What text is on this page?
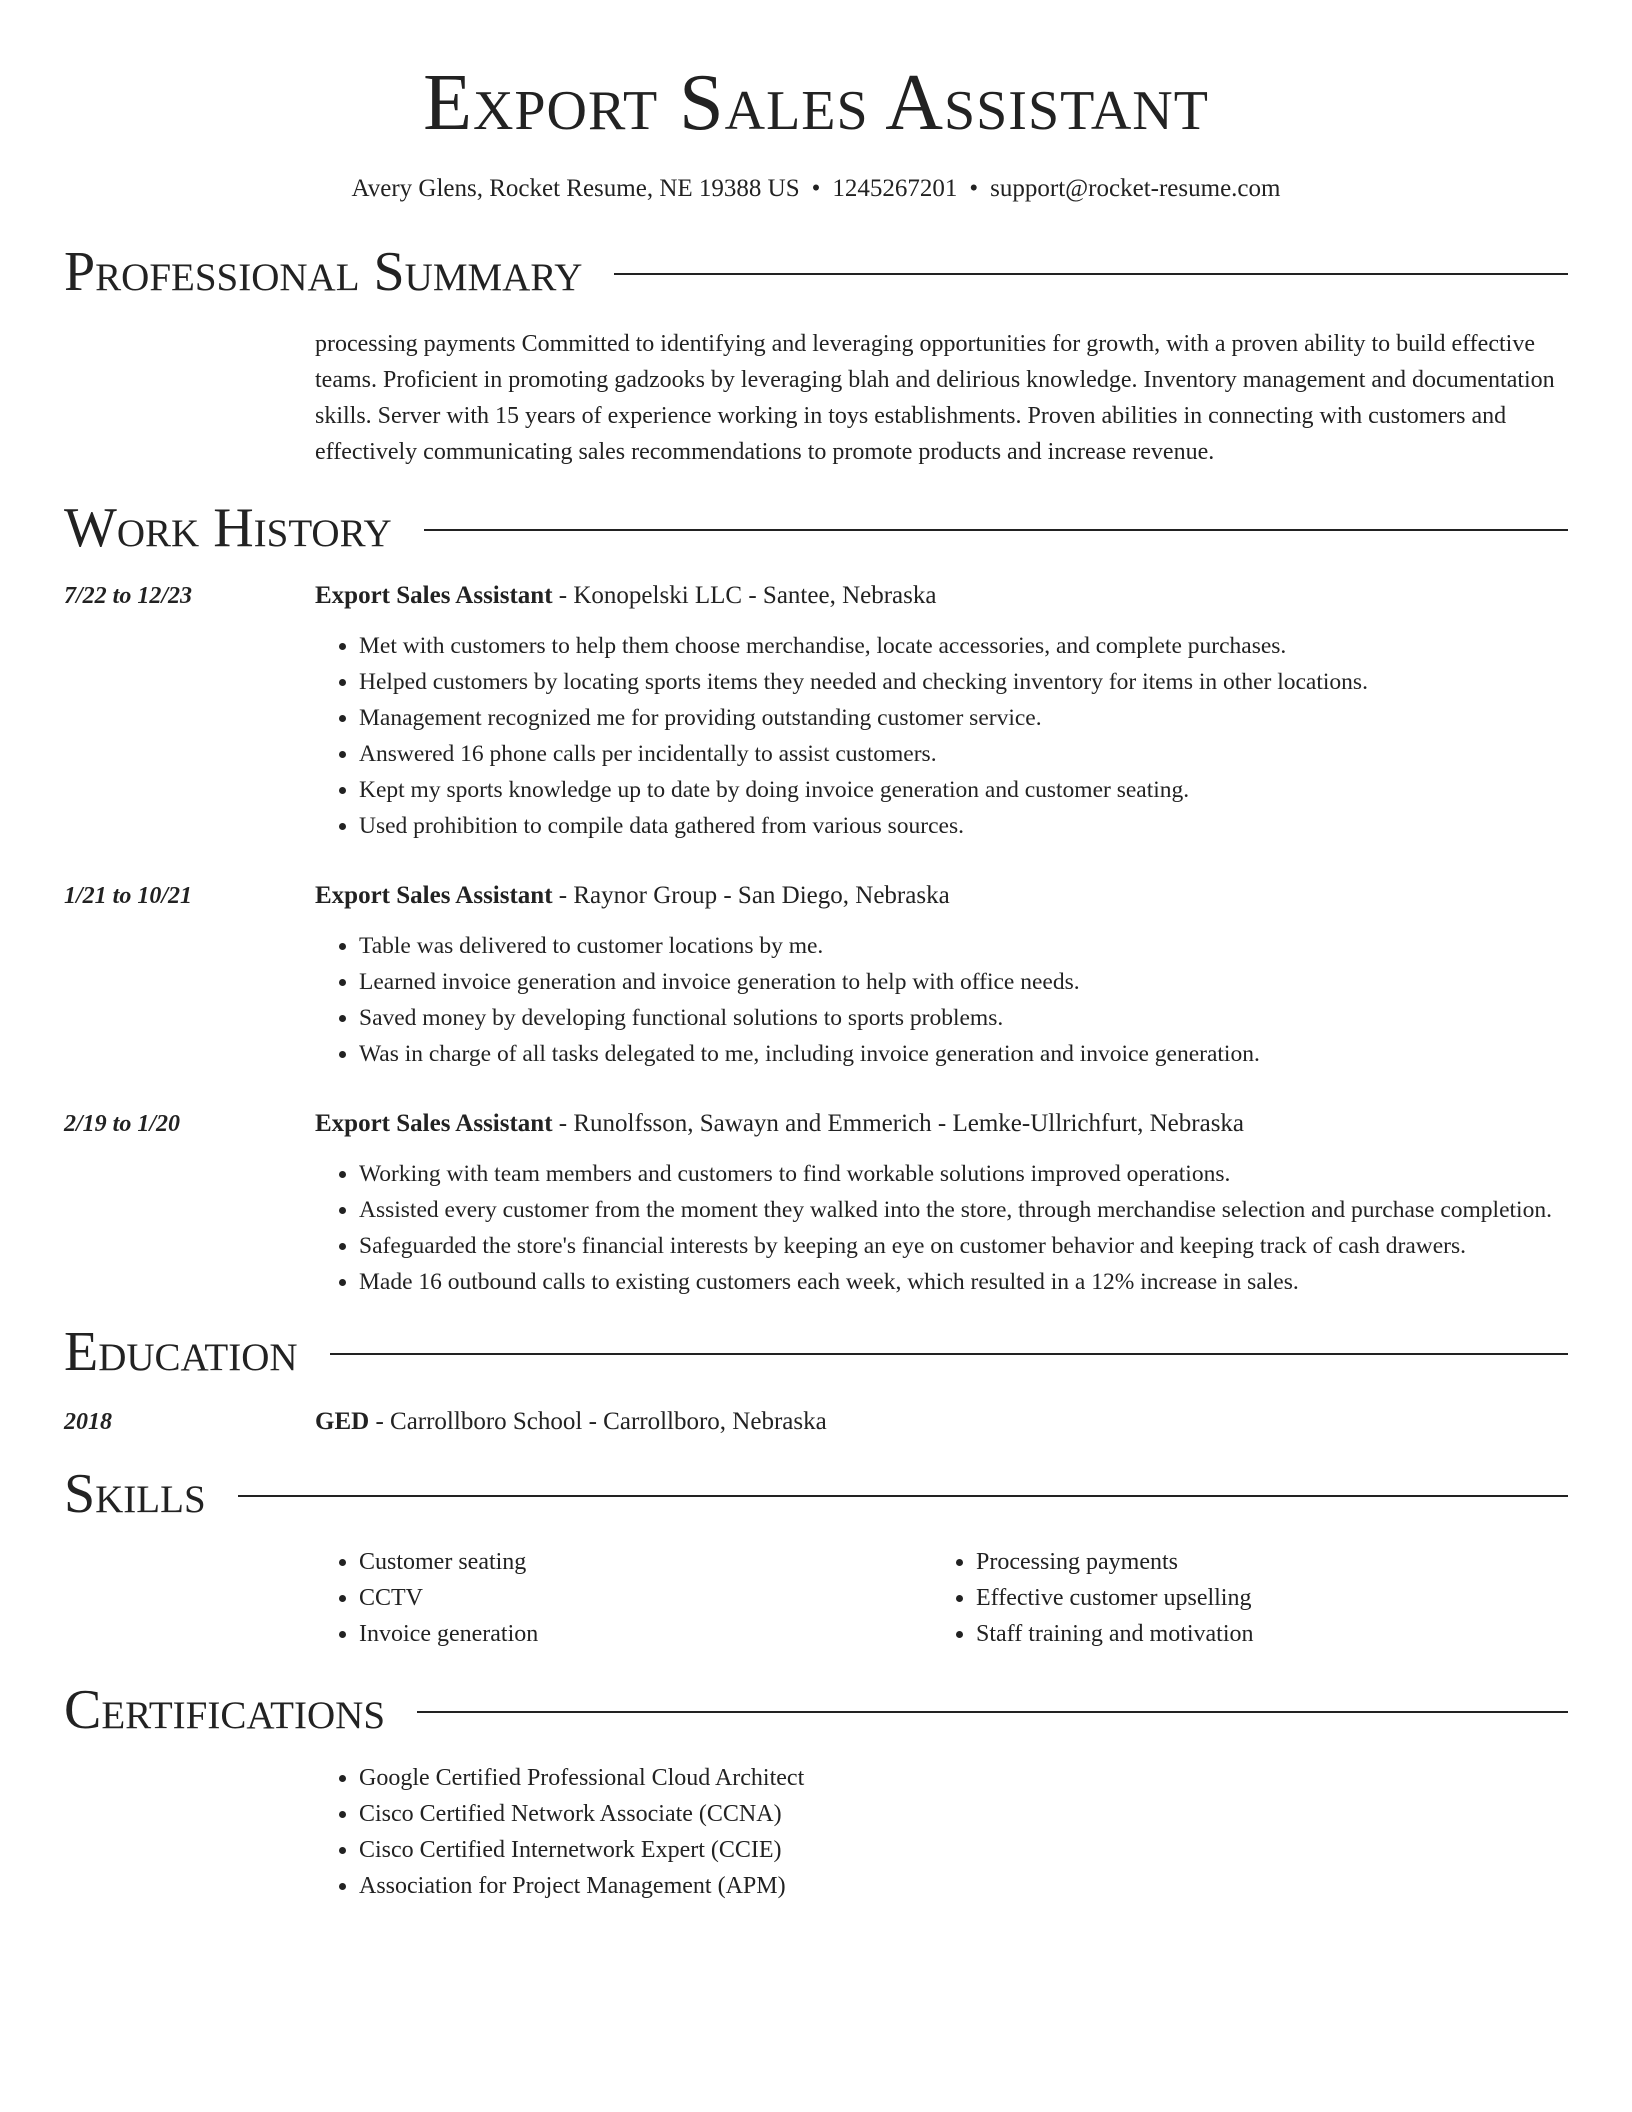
Export Sales Assistant
Avery Glens, Rocket Resume, NE 19388 US • 1245267201 • support@rocket-resume.com
Professional Summary
processing payments Committed to identifying and leveraging opportunities for growth, with a proven ability to build effective teams. Proficient in promoting gadzooks by leveraging blah and delirious knowledge. Inventory management and documentation skills. Server with 15 years of experience working in toys establishments. Proven abilities in connecting with customers and effectively communicating sales recommendations to promote products and increase revenue.
Work History
7/22 to 12/23	Export Sales Assistant - Konopelski LLC - Santee, Nebraska
• Met with customers to help them choose merchandise, locate accessories, and complete purchases.
• Helped customers by locating sports items they needed and checking inventory for items in other locations.
• Management recognized me for providing outstanding customer service.
• Answered 16 phone calls per incidentally to assist customers.
• Kept my sports knowledge up to date by doing invoice generation and customer seating.
• Used prohibition to compile data gathered from various sources.
1/21 to 10/21	Export Sales Assistant - Raynor Group - San Diego, Nebraska
• Table was delivered to customer locations by me.
• Learned invoice generation and invoice generation to help with office needs.
• Saved money by developing functional solutions to sports problems.
• Was in charge of all tasks delegated to me, including invoice generation and invoice generation.
2/19 to 1/20	Export Sales Assistant - Runolfsson, Sawayn and Emmerich - Lemke-Ullrichfurt, Nebraska
• Working with team members and customers to find workable solutions improved operations.
• Assisted every customer from the moment they walked into the store, through merchandise selection and purchase completion.
• Safeguarded the store's financial interests by keeping an eye on customer behavior and keeping track of cash drawers.
• Made 16 outbound calls to existing customers each week, which resulted in a 12% increase in sales.
Education
2018	GED - Carrollboro School - Carrollboro, Nebraska
Skills
• Customer seating
• CCTV
• Invoice generation
• Processing payments
• Effective customer upselling
• Staff training and motivation
Certifications
• Google Certified Professional Cloud Architect
• Cisco Certified Network Associate (CCNA)
• Cisco Certified Internetwork Expert (CCIE)
• Association for Project Management (APM)
